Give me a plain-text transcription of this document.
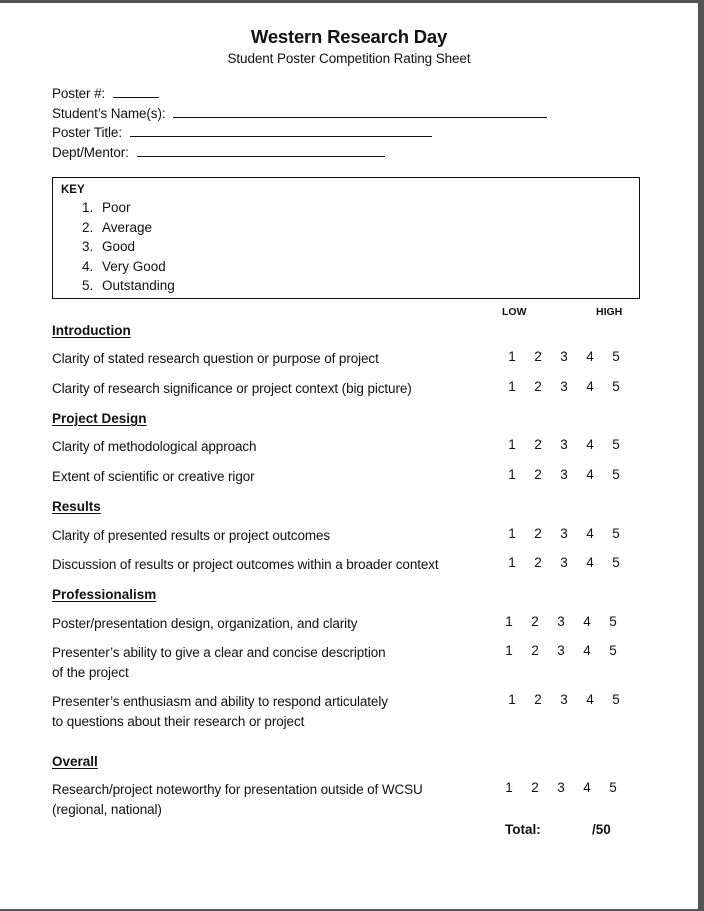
Western Research Day
Student Poster Competition Rating Sheet
Poster #:
Student’s Name(s):
Poster Title:
Dept/Mentor:
KEY
1. Poor
2. Average
3. Good
4. Very Good
5. Outstanding
LOW	HIGH
Introduction
Clarity of stated research question or purpose of project
Clarity of research significance or project context (big picture)
Project Design
Clarity of methodological approach
Extent of scientific or creative rigor
Results
Clarity of presented results or project outcomes
Discussion of results or project outcomes within a broader context
Professionalism
Poster/presentation design, organization, and clarity
Presenter’s ability to give a clear and concise description
of the project
Presenter’s enthusiasm and ability to respond articulately
to questions about their research or project
Overall
Research/project noteworthy for presentation outside of WCSU
(regional, national)
1 2 3 4 5
1 2 3 4 5
1 2 3 4 5
1 2 3 4 5
1 2 3 4 5
1 2 3 4 5
1 2 3 4 5
1 2 3 4 5
1 2 3 4 5
1 2 3 4 5
Total:	/50
